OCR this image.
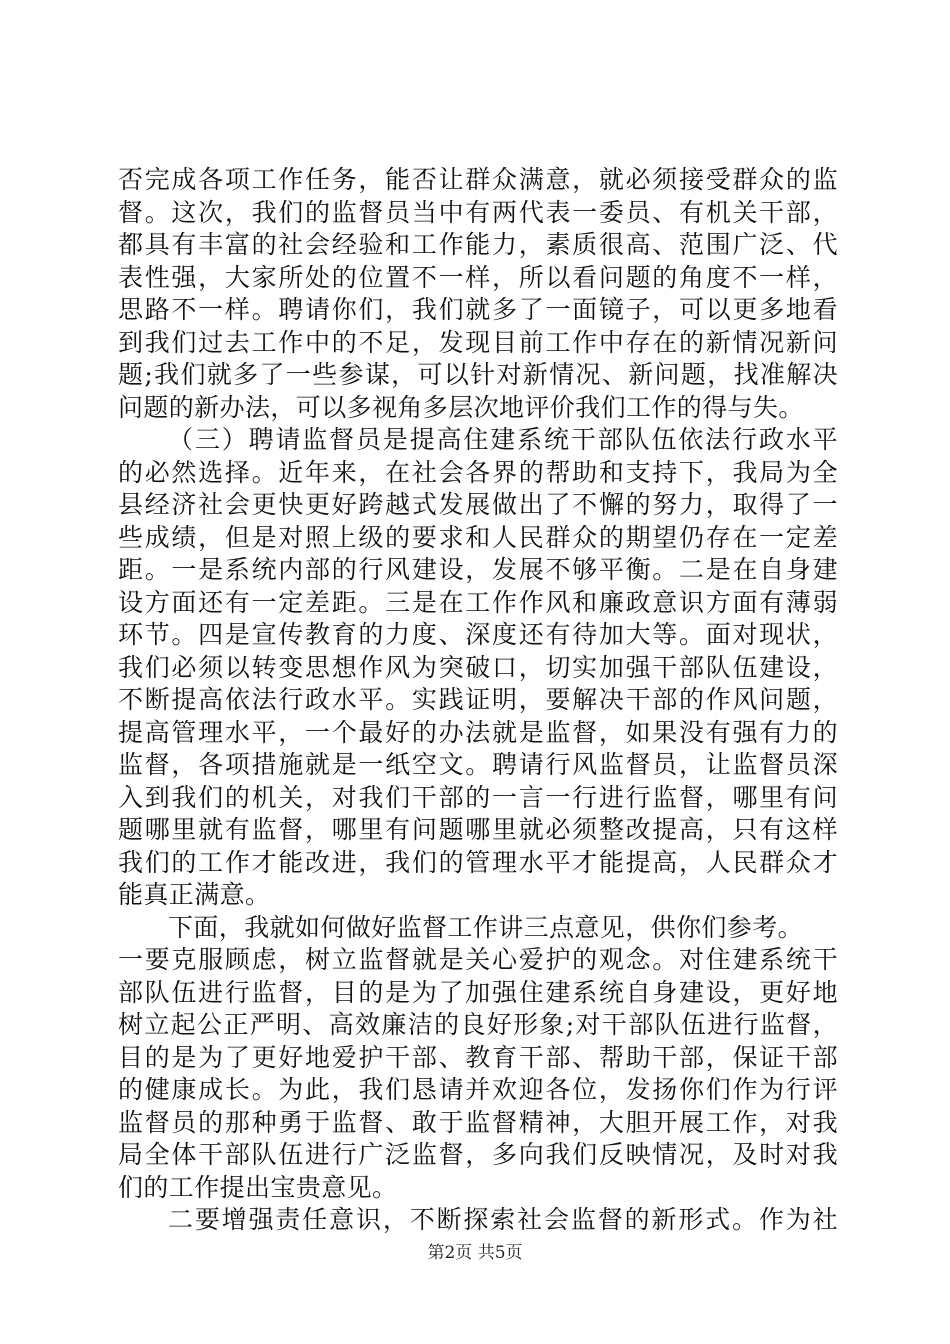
否完成各项工作任务，能否让群众满意，就必须接受群众的监
督。这次，我们的监督员当中有两代表一委员、有机关干部，
都具有丰富的社会经验和工作能力，素质很高、范围广泛、代
表性强，大家所处的位置不一样，所以看问题的角度不一样，
思路不一样。聘请你们，我们就多了一面镜子，可以更多地看
到我们过去工作中的不足，发现目前工作中存在的新情况新问
题;我们就多了一些参谋，可以针对新情况、新问题，找准解决
问题的新办法，可以多视角多层次地评价我们工作的得与失。
（三）聘请监督员是提高住建系统干部队伍依法行政水平
的必然选择。近年来，在社会各界的帮助和支持下，我局为全
县经济社会更快更好跨越式发展做出了不懈的努力，取得了一
些成绩，但是对照上级的要求和人民群众的期望仍存在一定差
距。一是系统内部的行风建设，发展不够平衡。二是在自身建
设方面还有一定差距。三是在工作作风和廉政意识方面有薄弱
环节。四是宣传教育的力度、深度还有待加大等。面对现状，
我们必须以转变思想作风为突破口，切实加强干部队伍建设，
不断提高依法行政水平。实践证明，要解决干部的作风问题，
提高管理水平，一个最好的办法就是监督，如果没有强有力的
监督，各项措施就是一纸空文。聘请行风监督员，让监督员深
入到我们的机关，对我们干部的一言一行进行监督，哪里有问
题哪里就有监督，哪里有问题哪里就必须整改提高，只有这样
我们的工作才能改进，我们的管理水平才能提高，人民群众才
能真正满意。
下面，我就如何做好监督工作讲三点意见，供你们参考。
一要克服顾虑，树立监督就是关心爱护的观念。对住建系统干
部队伍进行监督，目的是为了加强住建系统自身建设，更好地
树立起公正严明、高效廉洁的良好形象;对干部队伍进行监督，
目的是为了更好地爱护干部、教育干部、帮助干部，保证干部
的健康成长。为此，我们恳请并欢迎各位，发扬你们作为行评
监督员的那种勇于监督、敢于监督精神，大胆开展工作，对我
局全体干部队伍进行广泛监督，多向我们反映情况，及时对我
们的工作提出宝贵意见。
二要增强责任意识，不断探索社会监督的新形式。作为社
第2页 共5页
